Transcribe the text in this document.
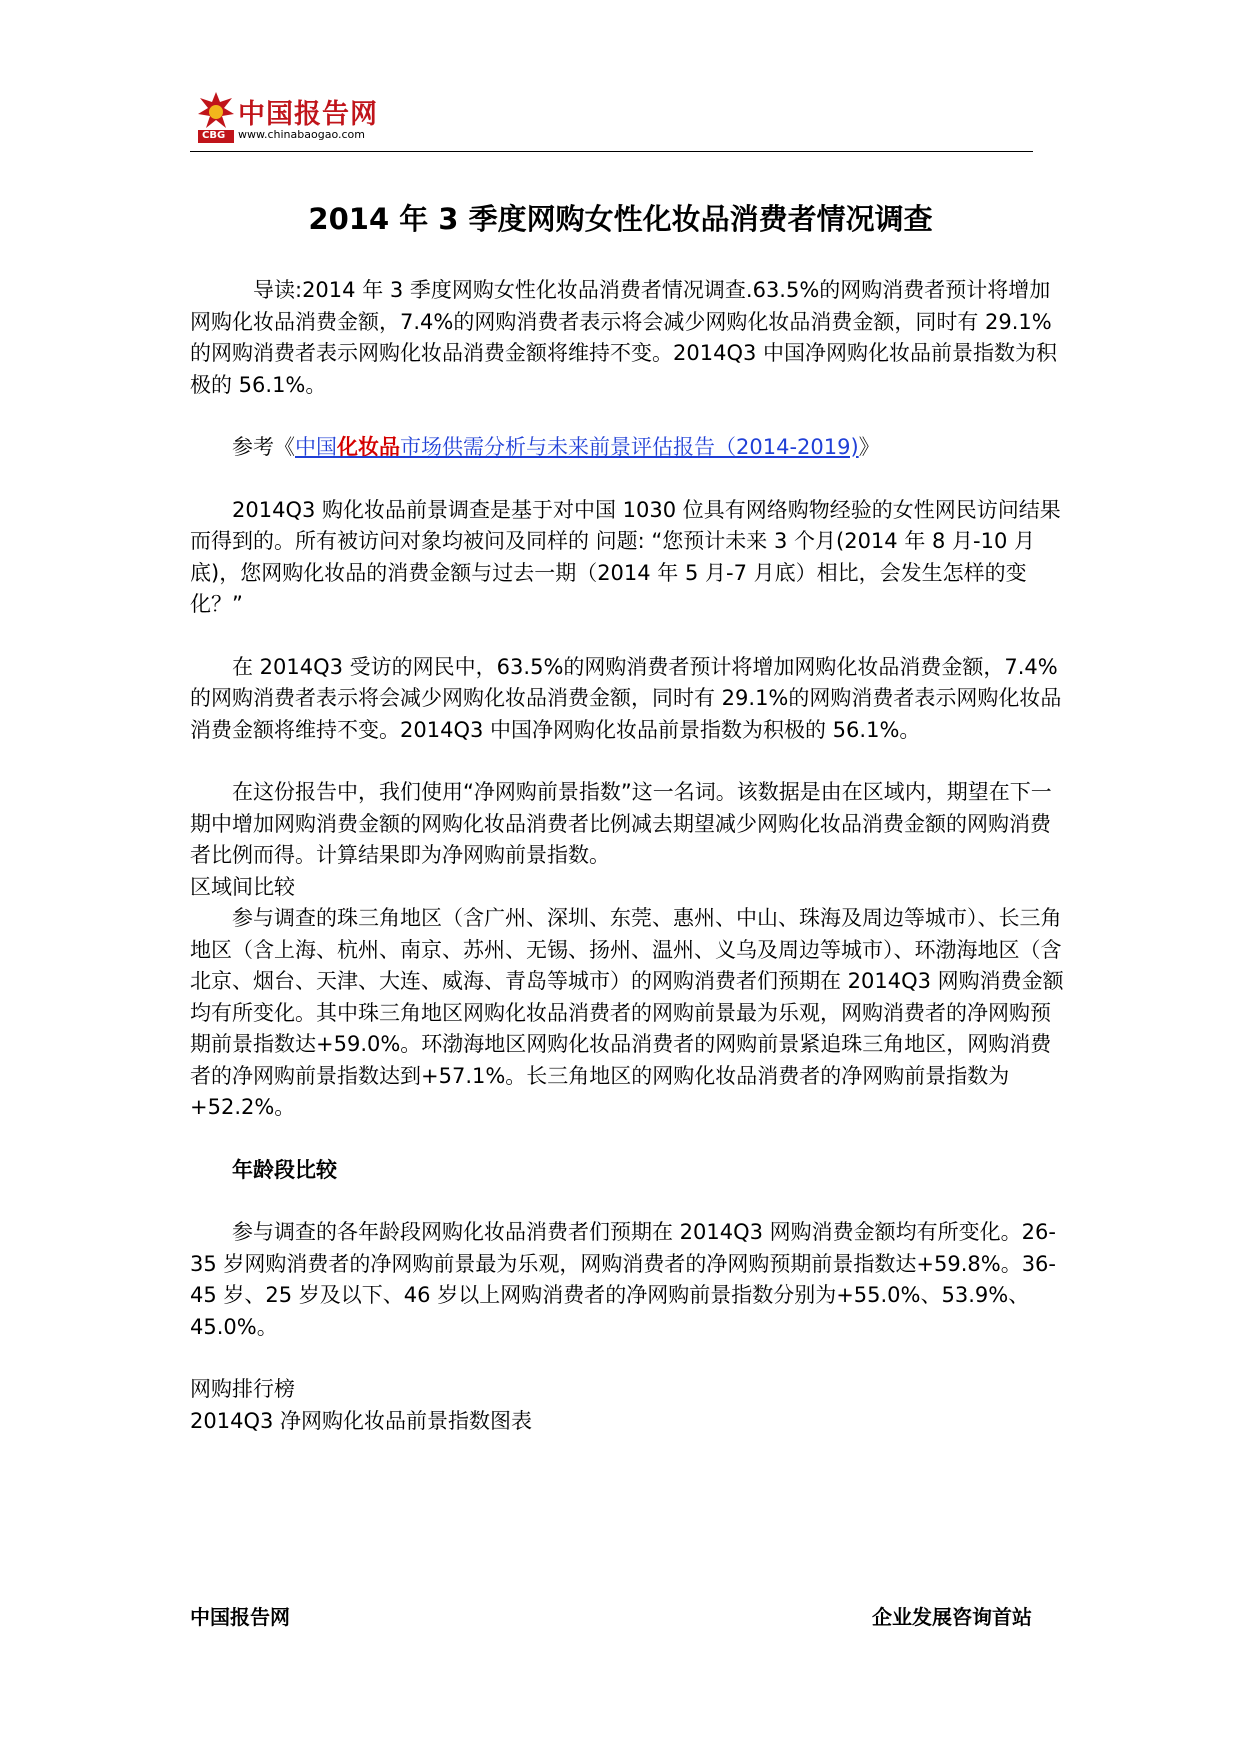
CBG
中国报告网
www.chinabaogao.com
2014 年 3 季度网购女性化妆品消费者情况调查

导读:2014 年 3 季度网购女性化妆品消费者情况调查.63.5%的网购消费者预计将增加网购化妆品消费金额，7.4%的网购消费者表示将会减少网购化妆品消费金额，同时有 29.1%的网购消费者表示网购化妆品消费金额将维持不变。2014Q3 中国净网购化妆品前景指数为积极的 56.1%。

参考《中国化妆品市场供需分析与未来前景评估报告（2014-2019)》

2014Q3 购化妆品前景调查是基于对中国 1030 位具有网络购物经验的女性网民访问结果而得到的。所有被访问对象均被问及同样的 问题: “您预计未来 3 个月(2014 年 8 月-10 月底)，您网购化妆品的消费金额与过去一期（2014 年 5 月-7 月底）相比，会发生怎样的变化？”

在 2014Q3 受访的网民中，63.5%的网购消费者预计将增加网购化妆品消费金额，7.4%的网购消费者表示将会减少网购化妆品消费金额，同时有 29.1%的网购消费者表示网购化妆品消费金额将维持不变。2014Q3 中国净网购化妆品前景指数为积极的 56.1%。

在这份报告中，我们使用“净网购前景指数”这一名词。该数据是由在区域内，期望在下一期中增加网购消费金额的网购化妆品消费者比例减去期望减少网购化妆品消费金额的网购消费者比例而得。计算结果即为净网购前景指数。

区域间比较

参与调查的珠三角地区（含广州、深圳、东莞、惠州、中山、珠海及周边等城市）、长三角地区（含上海、杭州、南京、苏州、无锡、扬州、温州、义乌及周边等城市）、环渤海地区（含北京、烟台、天津、大连、威海、青岛等城市）的网购消费者们预期在 2014Q3 网购消费金额均有所变化。其中珠三角地区网购化妆品消费者的网购前景最为乐观，网购消费者的净网购预期前景指数达+59.0%。环渤海地区网购化妆品消费者的网购前景紧追珠三角地区，网购消费者的净网购前景指数达到+57.1%。长三角地区的网购化妆品消费者的净网购前景指数为+52.2%。

年龄段比较

参与调查的各年龄段网购化妆品消费者们预期在 2014Q3 网购消费金额均有所变化。26-35 岁网购消费者的净网购前景最为乐观，网购消费者的净网购预期前景指数达+59.8%。36-45 岁、25 岁及以下、46 岁以上网购消费者的净网购前景指数分别为+55.0%、53.9%、45.0%。

网购排行榜

2014Q3 净网购化妆品前景指数图表

中国报告网	企业发展咨询首站
